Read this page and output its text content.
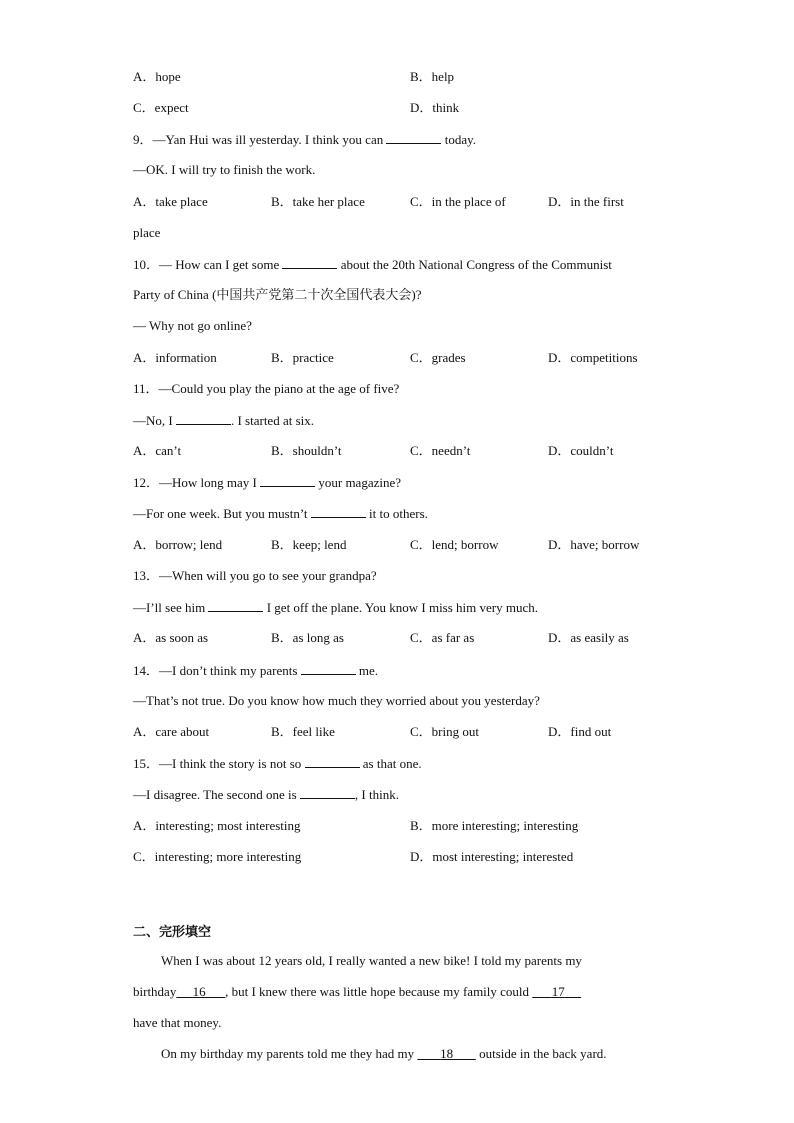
A．hope	B．help
C．expect	D．think
9．—Yan Hui was ill yesterday. I think you can	today.
—OK. I will try to finish the work.
A．take place	B．take her place	C．in the place of	D．in the first
place
10．— How can I get some	about the 20th National Congress of the Communist
Party of China (中国共产党第二十次全国代表大会)?
— Why not go online?
A．information	B．practice	C．grades	D．competitions
11．—Could you play the piano at the age of five?
—No, I	. I started at six.
A．can’t	B．shouldn’t	C．needn’t	D．couldn’t
12．—How long may I	your magazine?
—For one week. But you mustn’t	it to others.
A．borrow; lend	B．keep; lend	C．lend; borrow	D．have; borrow
13．—When will you go to see your grandpa?
—I’ll see him	I get off the plane. You know I miss him very much.
A．as soon as	B．as long as	C．as far as	D．as easily as
14．—I don’t think my parents	me.
—That’s not true. Do you know how much they worried about you yesterday?
A．care about	B．feel like	C．bring out	D．find out
15．—I think the story is not so	as that one.
—I disagree. The second one is	, I think.
A．interesting; most interesting	B．more interesting; interesting
C．interesting; more interesting	D．most interesting; interested
二、完形填空
When I was about 12 years old, I really wanted a new bike! I told my parents my
birthday 16 , but I knew there was little hope because my family could 17
have that money.
On my birthday my parents told me they had my 18 outside in the back yard.
